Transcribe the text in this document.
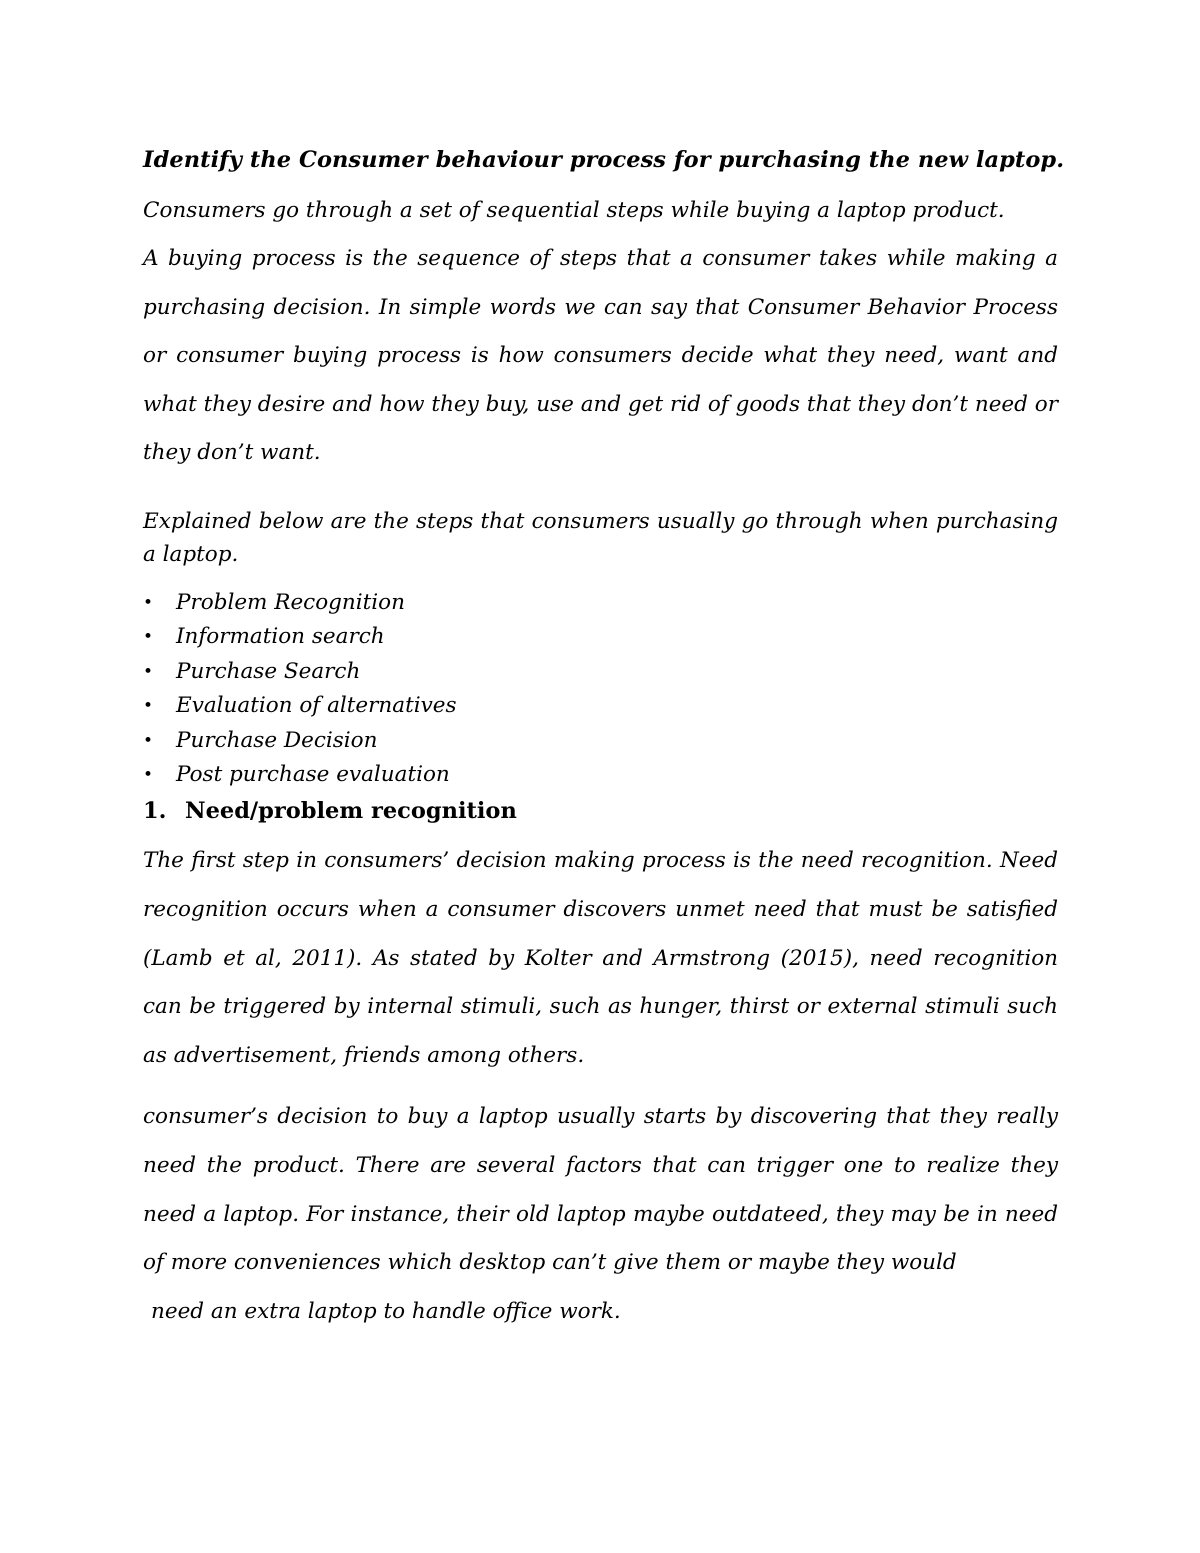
Identify the Consumer behaviour process for purchasing the new laptop.

Consumers go through a set of sequential steps while buying a laptop product.

A buying process is the sequence of steps that a consumer takes while making a purchasing decision. In simple words we can say that Consumer Behavior Process or consumer buying process is how consumers decide what they need, want and what they desire and how they buy, use and get rid of goods that they don’t need or they don’t want.

Explained below are the steps that consumers usually go through when purchasing a laptop.

• Problem Recognition
• Information search
• Purchase Search
• Evaluation of alternatives
• Purchase Decision
• Post purchase evaluation

1. Need/problem recognition

The first step in consumers’ decision making process is the need recognition. Need recognition occurs when a consumer discovers unmet need that must be satisfied (Lamb et al, 2011). As stated by Kolter and Armstrong (2015), need recognition can be triggered by internal stimuli, such as hunger, thirst or external stimuli such as advertisement, friends among others.

consumer’s decision to buy a laptop usually starts by discovering that they really need the product. There are several factors that can trigger one to realize they need a laptop. For instance, their old laptop maybe outdateed, they may be in need of more conveniences which desktop can’t give them or maybe they would
need an extra laptop to handle office work.
